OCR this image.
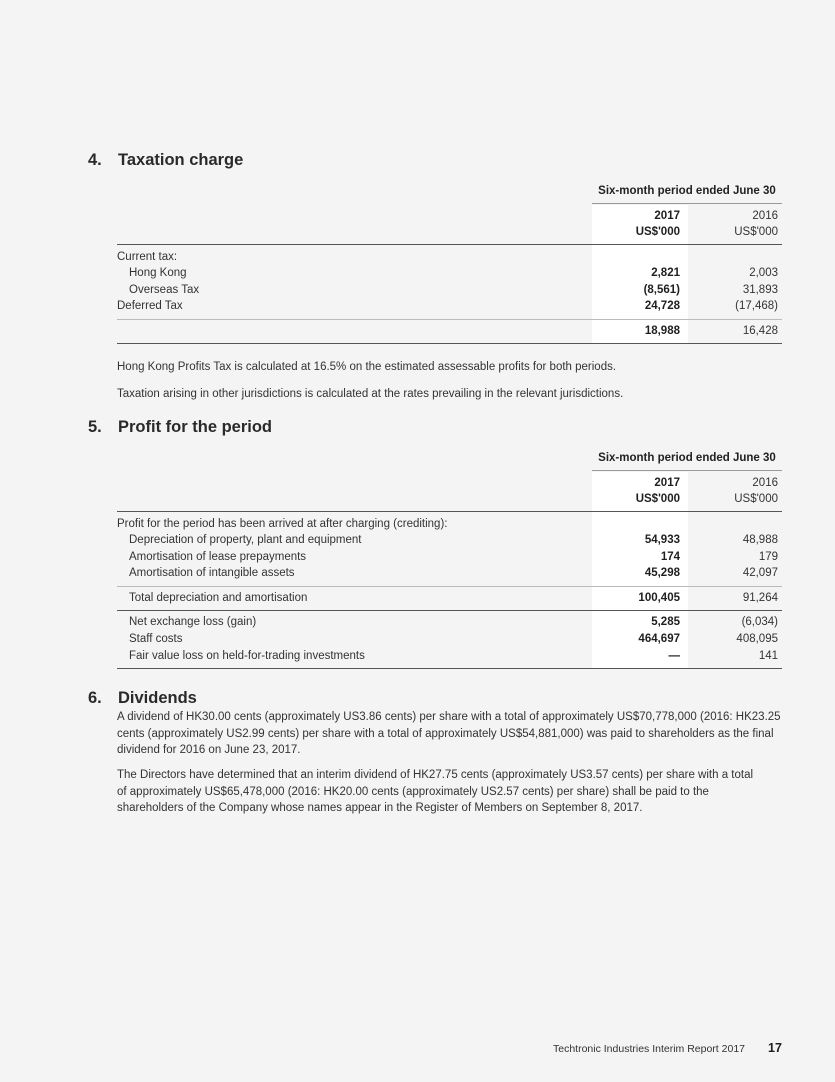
4. Taxation charge
Six-month period ended June 30
2017	2016
US$'000	US$'000
Current tax:
Hong Kong	2,821	2,003
Overseas Tax	(8,561)	31,893
Deferred Tax	24,728	(17,468)
18,988	16,428

Hong Kong Profits Tax is calculated at 16.5% on the estimated assessable profits for both periods.

Taxation arising in other jurisdictions is calculated at the rates prevailing in the relevant jurisdictions.

5. Profit for the period
Six-month period ended June 30
2017	2016
US$'000	US$'000
Profit for the period has been arrived at after charging (crediting):
Depreciation of property, plant and equipment	54,933	48,988
Amortisation of lease prepayments	174	179
Amortisation of intangible assets	45,298	42,097
Total depreciation and amortisation	100,405	91,264
Net exchange loss (gain)	5,285	(6,034)
Staff costs	464,697	408,095
Fair value loss on held-for-trading investments	—	141
6. Dividends

A dividend of HK30.00 cents (approximately US3.86 cents) per share with a total of approximately US$70,778,000 (2016: HK23.25 cents (approximately US2.99 cents) per share with a total of approximately US$54,881,000) was paid to shareholders as the final dividend for 2016 on June 23, 2017.

The Directors have determined that an interim dividend of HK27.75 cents (approximately US3.57 cents) per share with a total of approximately US$65,478,000 (2016: HK20.00 cents (approximately US2.57 cents) per share) shall be paid to the shareholders of the Company whose names appear in the Register of Members on September 8, 2017.

Techtronic Industries Interim Report 2017 17
